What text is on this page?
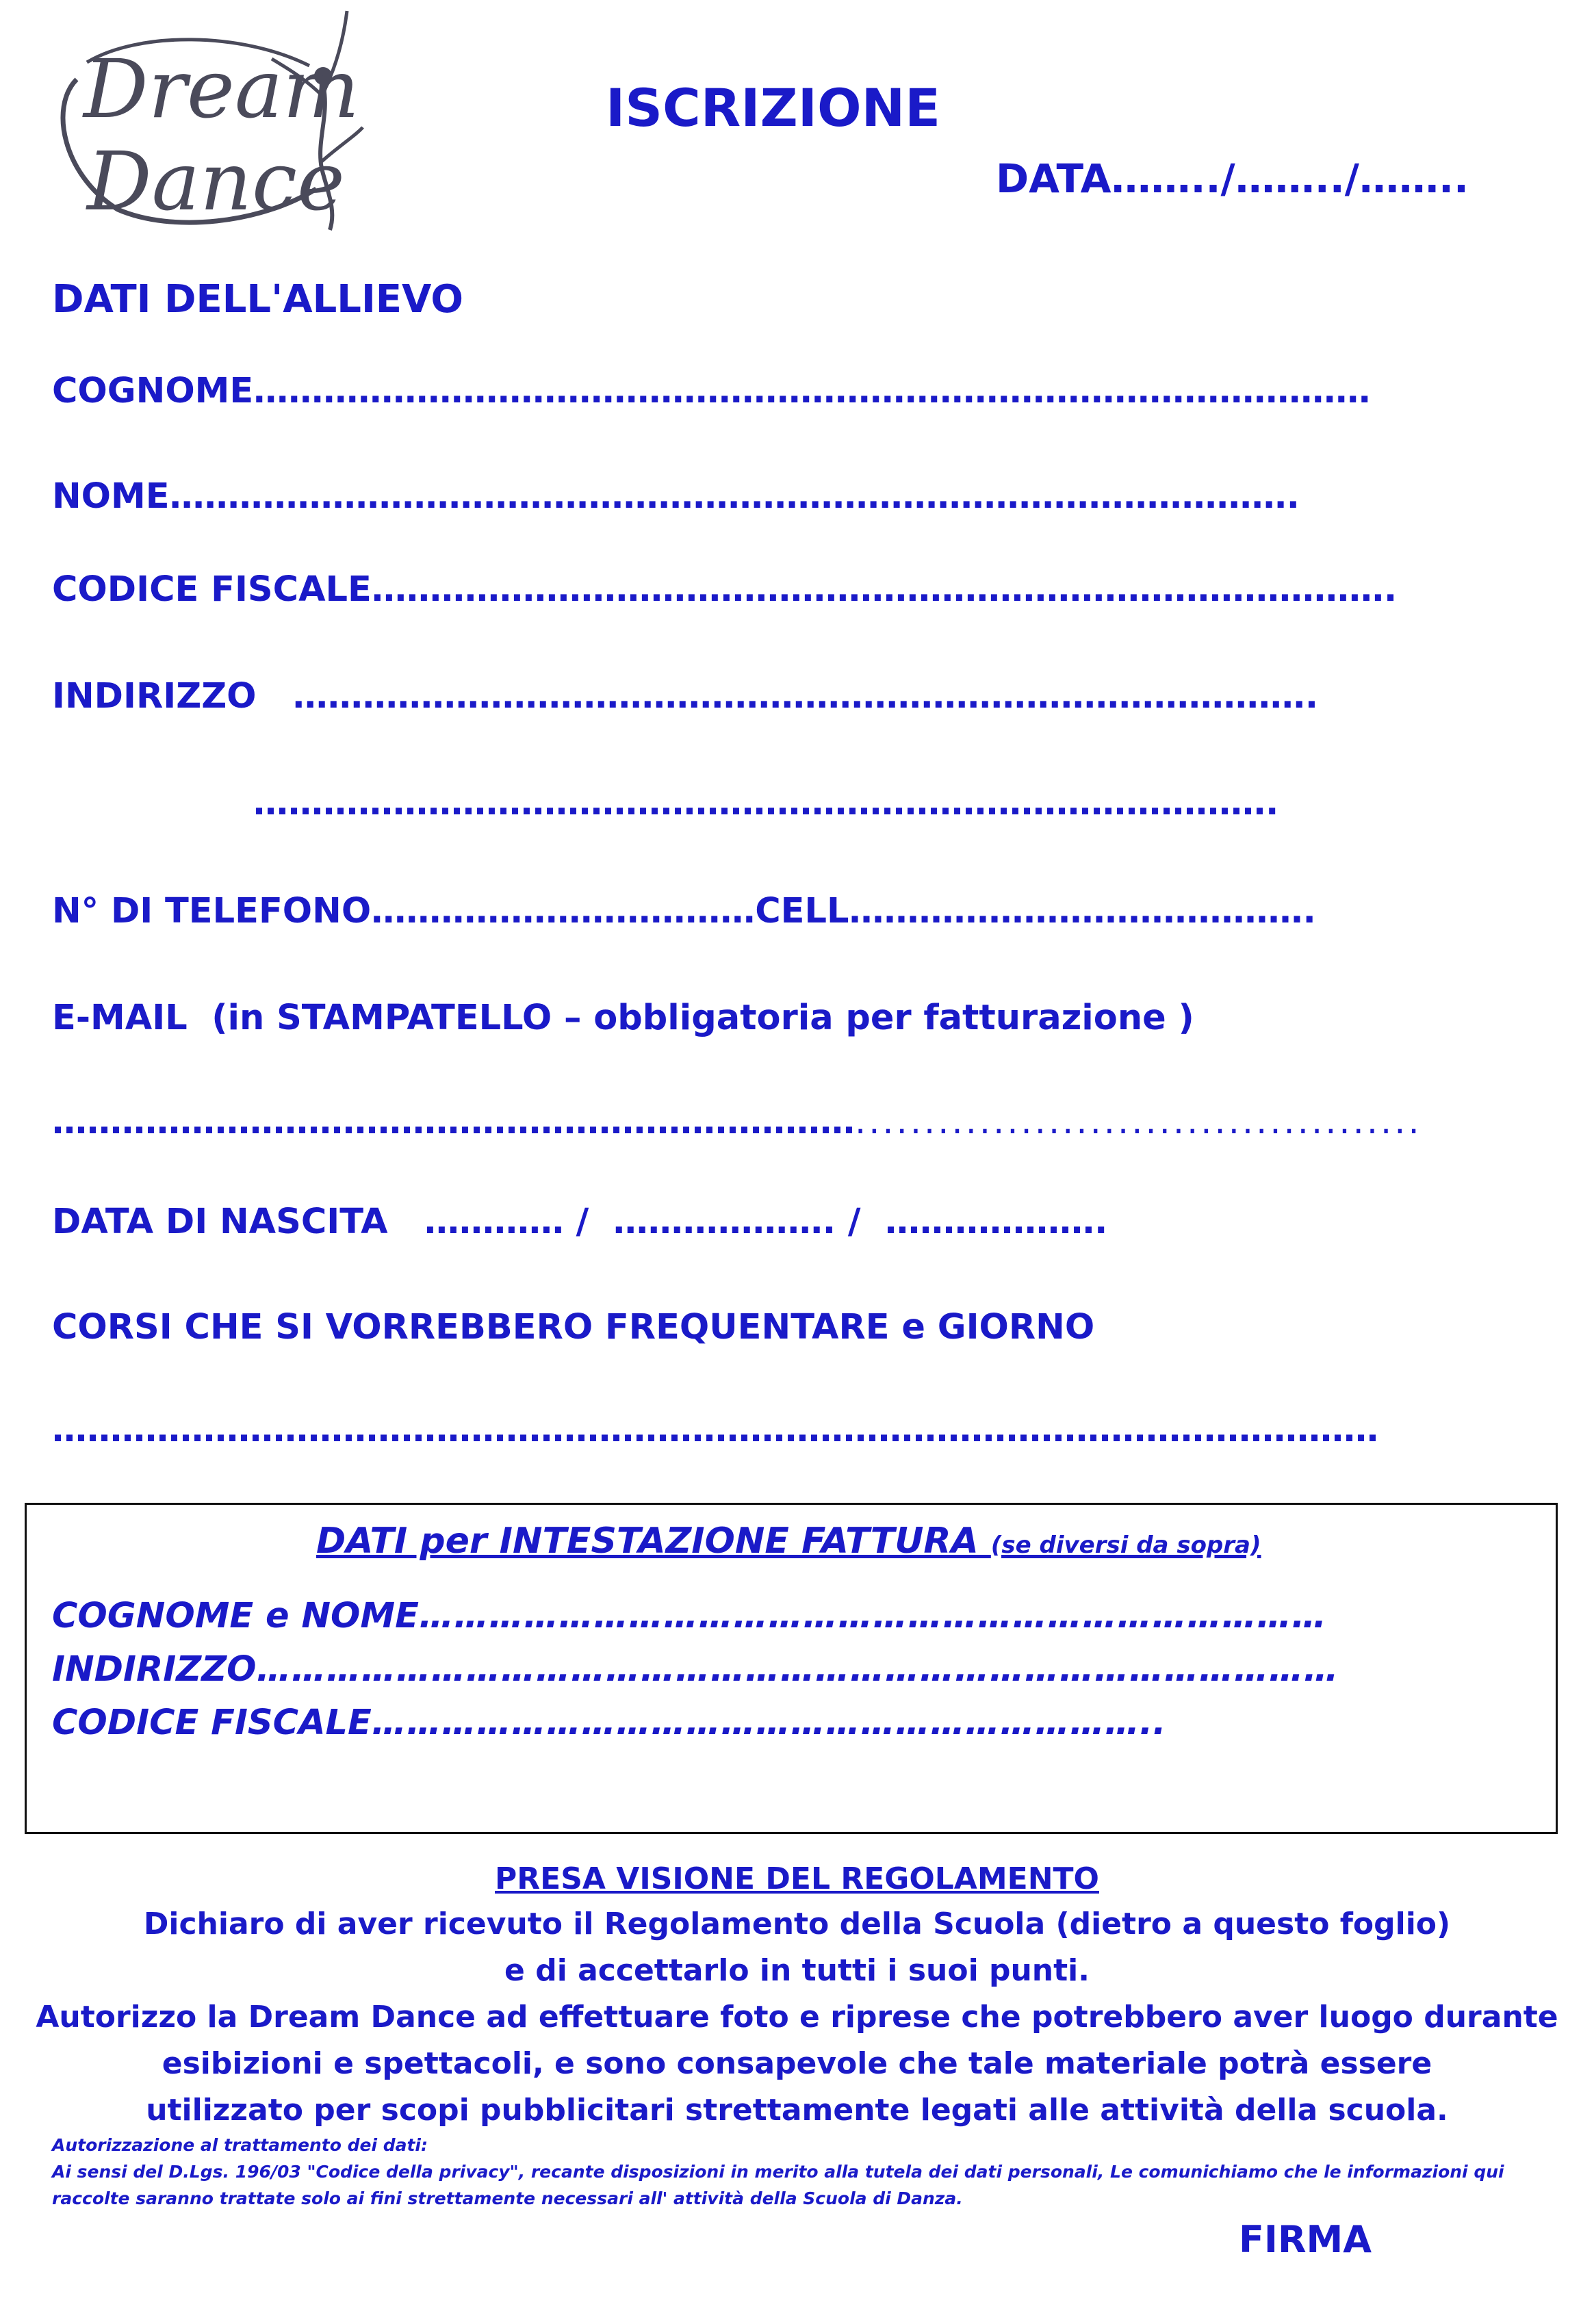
Dream
Dance
ISCRIZIONE
DATA……../……../……..
DATI DELL'ALLIEVO
COGNOME……………………………………………………………………………………
NOME…………………………………………………………………………………….
CODICE FISCALE…………………………………………………………………………….
INDIRIZZO   …………………………………………………………………………….
…………………………………………………………………………….
N° DI TELEFONO……………………………CELL………………………………….
E-MAIL  (in STAMPATELLO – obbligatoria per fatturazione )
…………………………………………………………….........................................
DATA DI NASCITA   ………… /  ………………. /  ……………….
CORSI CHE SI VORREBBERO FREQUENTARE e GIORNO
……………………………………………………………………………………………………
DATI per INTESTAZIONE FATTURA (se diversi da sopra)
COGNOME e NOME……………………………………………………………………
INDIRIZZO…………………………………………………………………………………
CODICE FISCALE…………………………………………………………..
PRESA VISIONE DEL REGOLAMENTO
Dichiaro di aver ricevuto il Regolamento della Scuola (dietro a questo foglio)
e di accettarlo in tutti i suoi punti.
Autorizzo la Dream Dance ad effettuare foto e riprese che potrebbero aver luogo durante
esibizioni e spettacoli, e sono consapevole che tale materiale potrà essere
utilizzato per scopi pubblicitari strettamente legati alle attività della scuola.
Autorizzazione al trattamento dei dati:
Ai sensi del D.Lgs. 196/03 "Codice della privacy", recante disposizioni in merito alla tutela dei dati personali, Le comunichiamo che le informazioni qui raccolte saranno trattate solo ai fini strettamente necessari all' attività della Scuola di Danza.
FIRMA
